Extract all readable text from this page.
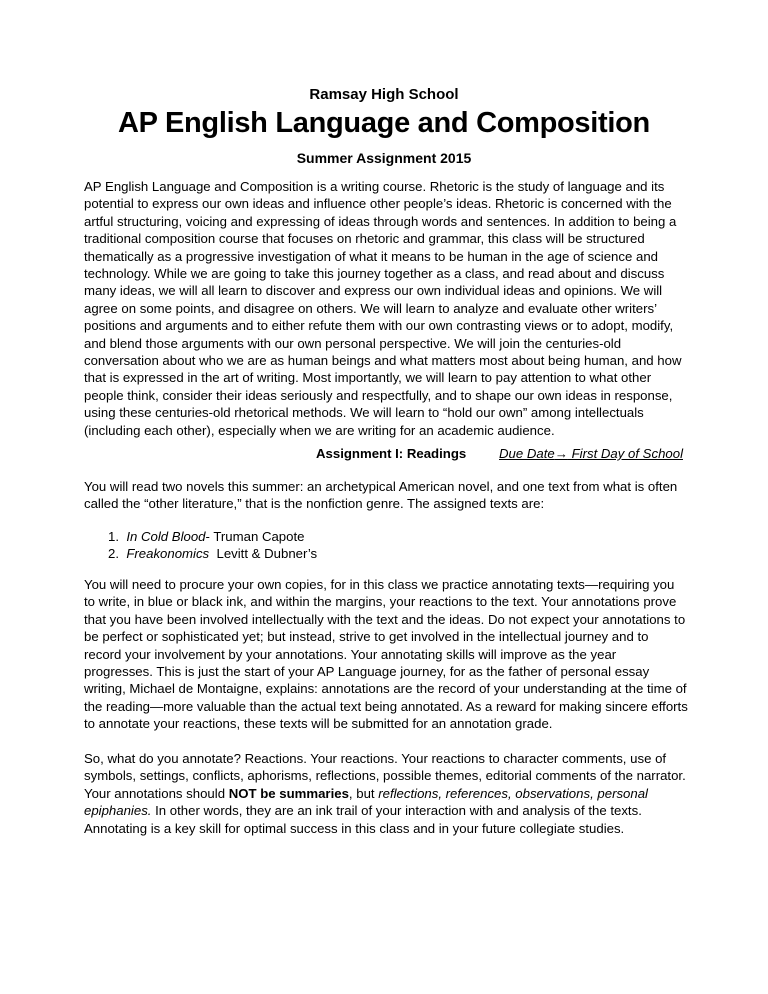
Ramsay High School
AP English Language and Composition
Summer Assignment 2015

AP English Language and Composition is a writing course. Rhetoric is the study of language and its potential to express our own ideas and influence other people’s ideas. Rhetoric is concerned with the artful structuring, voicing and expressing of ideas through words and sentences. In addition to being a traditional composition course that focuses on rhetoric and grammar, this class will be structured thematically as a progressive investigation of what it means to be human in the age of science and technology. While we are going to take this journey together as a class, and read about and discuss many ideas, we will all learn to discover and express our own individual ideas and opinions. We will agree on some points, and disagree on others. We will learn to analyze and evaluate other writers’ positions and arguments and to either refute them with our own contrasting views or to adopt, modify, and blend those arguments with our own personal perspective. We will join the centuries-old conversation about who we are as human beings and what matters most about being human, and how that is expressed in the art of writing. Most importantly, we will learn to pay attention to what other people think, consider their ideas seriously and respectfully, and to shape our own ideas in response, using these centuries-old rhetorical methods. We will learn to “hold our own” among intellectuals (including each other), especially when we are writing for an academic audience.

Assignment I: Readings Due Date→ First Day of School

You will read two novels this summer: an archetypical American novel, and one text from what is often called the “other literature,” that is the nonfiction genre. The assigned texts are:

1. In Cold Blood- Truman Capote
2. Freakonomics  Levitt & Dubner’s

You will need to procure your own copies, for in this class we practice annotating texts—requiring you to write, in blue or black ink, and within the margins, your reactions to the text. Your annotations prove that you have been involved intellectually with the text and the ideas. Do not expect your annotations to be perfect or sophisticated yet; but instead, strive to get involved in the intellectual journey and to record your involvement by your annotations. Your annotating skills will improve as the year progresses. This is just the start of your AP Language journey, for as the father of personal essay writing, Michael de Montaigne, explains: annotations are the record of your understanding at the time of the reading—more valuable than the actual text being annotated. As a reward for making sincere efforts to annotate your reactions, these texts will be submitted for an annotation grade.

So, what do you annotate? Reactions. Your reactions. Your reactions to character comments, use of symbols, settings, conflicts, aphorisms, reflections, possible themes, editorial comments of the narrator. Your annotations should NOT be summaries, but reflections, references, observations, personal epiphanies. In other words, they are an ink trail of your interaction with and analysis of the texts. Annotating is a key skill for optimal success in this class and in your future collegiate studies.
